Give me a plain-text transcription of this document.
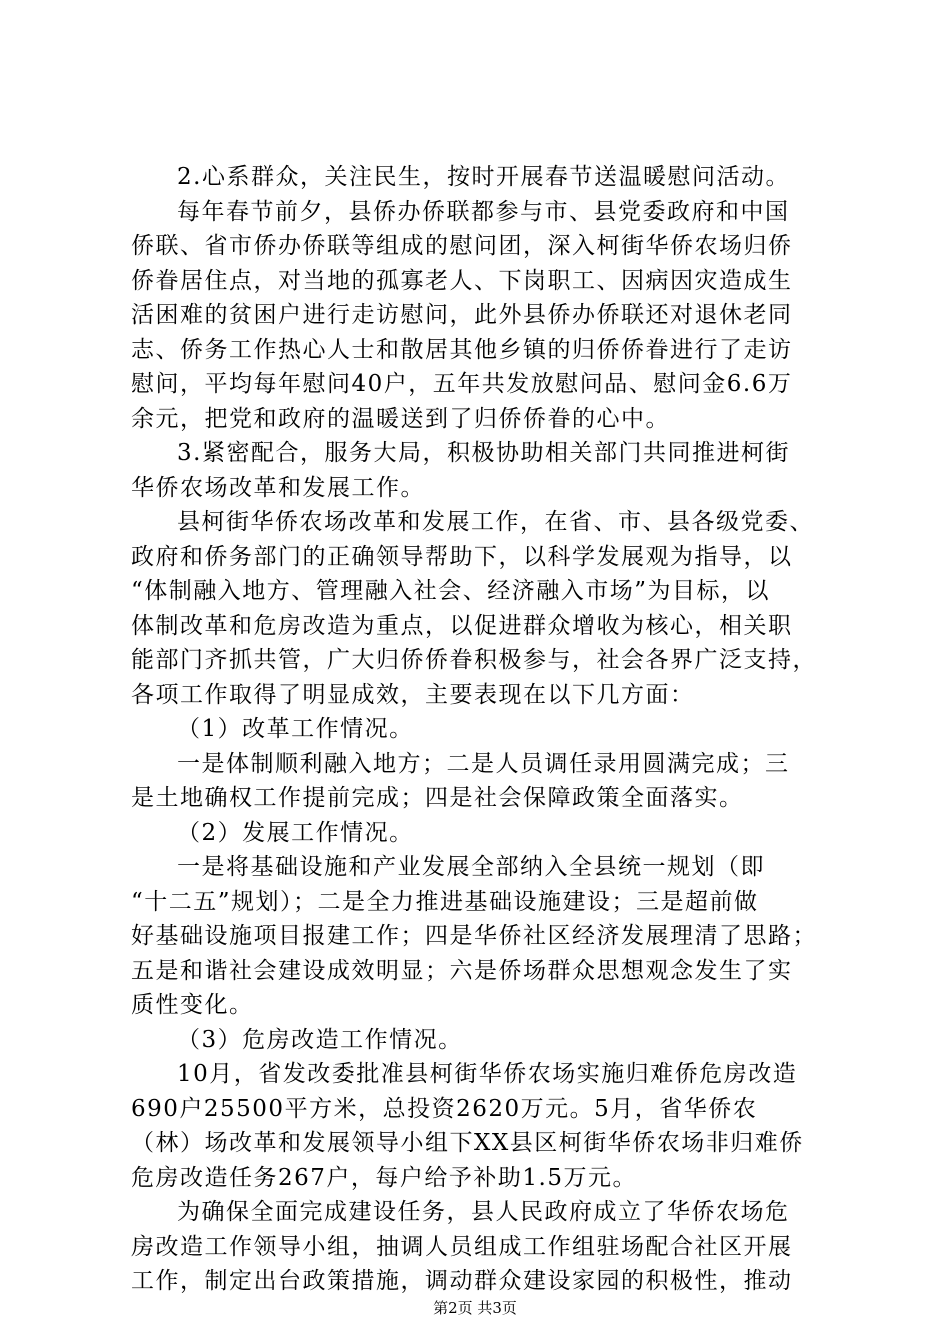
2.心系群众，关注民生，按时开展春节送温暖慰问活动。
每年春节前夕，县侨办侨联都参与市、县党委政府和中国
侨联、省市侨办侨联等组成的慰问团，深入柯街华侨农场归侨
侨眷居住点，对当地的孤寡老人、下岗职工、因病因灾造成生
活困难的贫困户进行走访慰问，此外县侨办侨联还对退休老同
志、侨务工作热心人士和散居其他乡镇的归侨侨眷进行了走访
慰问，平均每年慰问40户，五年共发放慰问品、慰问金6.6万
余元，把党和政府的温暖送到了归侨侨眷的心中。
3.紧密配合，服务大局，积极协助相关部门共同推进柯街
华侨农场改革和发展工作。
县柯街华侨农场改革和发展工作，在省、市、县各级党委、
政府和侨务部门的正确领导帮助下，以科学发展观为指导，以
“体制融入地方、管理融入社会、经济融入市场”为目标，以
体制改革和危房改造为重点，以促进群众增收为核心，相关职
能部门齐抓共管，广大归侨侨眷积极参与，社会各界广泛支持，
各项工作取得了明显成效，主要表现在以下几方面：
（1）改革工作情况。
一是体制顺利融入地方；二是人员调任录用圆满完成；三
是土地确权工作提前完成；四是社会保障政策全面落实。
（2）发展工作情况。
一是将基础设施和产业发展全部纳入全县统一规划（即
“十二五”规划）；二是全力推进基础设施建设；三是超前做
好基础设施项目报建工作；四是华侨社区经济发展理清了思路；
五是和谐社会建设成效明显；六是侨场群众思想观念发生了实
质性变化。
（3）危房改造工作情况。
10月，省发改委批准县柯街华侨农场实施归难侨危房改造
690户25500平方米，总投资2620万元。5月，省华侨农
（林）场改革和发展领导小组下XX县区柯街华侨农场非归难侨
危房改造任务267户，每户给予补助1.5万元。
为确保全面完成建设任务，县人民政府成立了华侨农场危
房改造工作领导小组，抽调人员组成工作组驻场配合社区开展
工作，制定出台政策措施，调动群众建设家园的积极性，推动
第2页 共3页
